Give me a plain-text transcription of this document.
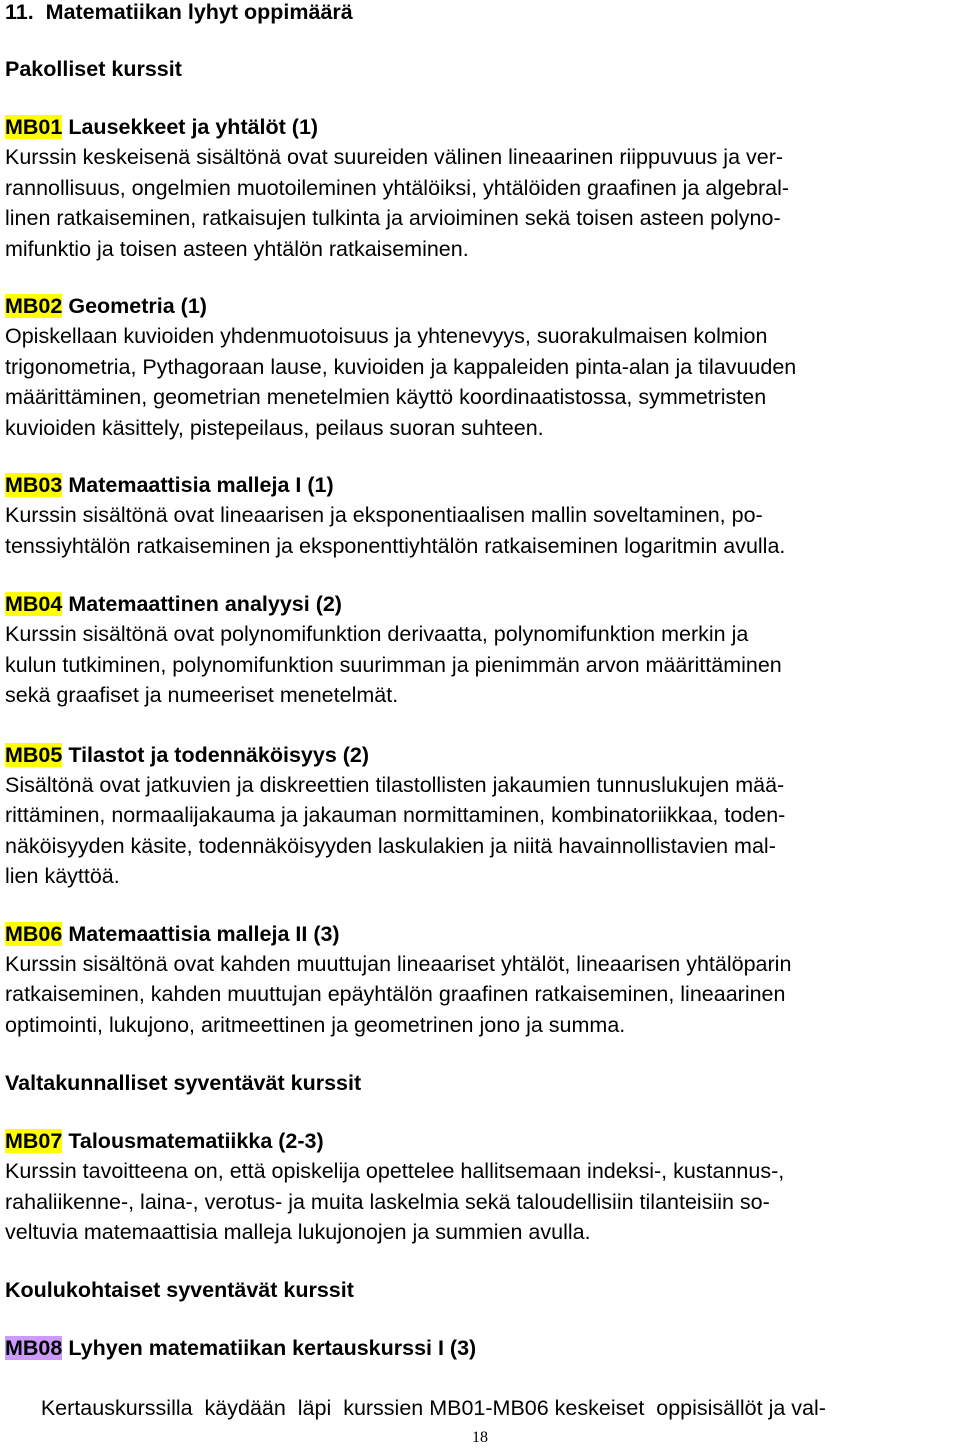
11. Matematiikan lyhyt oppimäärä
Pakolliset kurssit
MB01 Lausekkeet ja yhtälöt (1)
Kurssin keskeisenä sisältönä ovat suureiden välinen lineaarinen riippuvuus ja ver-
rannollisuus, ongelmien muotoileminen yhtälöiksi, yhtälöiden graafinen ja algebral-
linen ratkaiseminen, ratkaisujen tulkinta ja arvioiminen sekä toisen asteen polyno-
mifunktio ja toisen asteen yhtälön ratkaiseminen.
MB02 Geometria (1)
Opiskellaan kuvioiden yhdenmuotoisuus ja yhtenevyys, suorakulmaisen kolmion
trigonometria, Pythagoraan lause, kuvioiden ja kappaleiden pinta-alan ja tilavuuden
määrittäminen, geometrian menetelmien käyttö koordinaatistossa, symmetristen
kuvioiden käsittely, pistepeilaus, peilaus suoran suhteen.
MB03 Matemaattisia malleja I (1)
Kurssin sisältönä ovat lineaarisen ja eksponentiaalisen mallin soveltaminen, po-
tenssiyhtälön ratkaiseminen ja eksponenttiyhtälön ratkaiseminen logaritmin avulla.
MB04 Matemaattinen analyysi (2)
Kurssin sisältönä ovat polynomifunktion derivaatta, polynomifunktion merkin ja
kulun tutkiminen, polynomifunktion suurimman ja pienimmän arvon määrittäminen
sekä graafiset ja numeeriset menetelmät.
MB05 Tilastot ja todennäköisyys (2)
Sisältönä ovat jatkuvien ja diskreettien tilastollisten jakaumien tunnuslukujen mää-
rittäminen, normaalijakauma ja jakauman normittaminen, kombinatoriikkaa, toden-
näköisyyden käsite, todennäköisyyden laskulakien ja niitä havainnollistavien mal-
lien käyttöä.
MB06 Matemaattisia malleja II (3)
Kurssin sisältönä ovat kahden muuttujan lineaariset yhtälöt, lineaarisen yhtälöparin
ratkaiseminen, kahden muuttujan epäyhtälön graafinen ratkaiseminen, lineaarinen
optimointi, lukujono, aritmeettinen ja geometrinen jono ja summa.
Valtakunnalliset syventävät kurssit
MB07 Talousmatematiikka (2-3)
Kurssin tavoitteena on, että opiskelija opettelee hallitsemaan indeksi-, kustannus-,
rahaliikenne-, laina-, verotus- ja muita laskelmia sekä taloudellisiin tilanteisiin so-
veltuvia matemaattisia malleja lukujonojen ja summien avulla.
Koulukohtaiset syventävät kurssit
MB08 Lyhyen matematiikan kertauskurssi I (3)

Kertauskurssilla  käydään  läpi  kurssien MB01-MB06 keskeiset  oppisisällöt ja val-

18
